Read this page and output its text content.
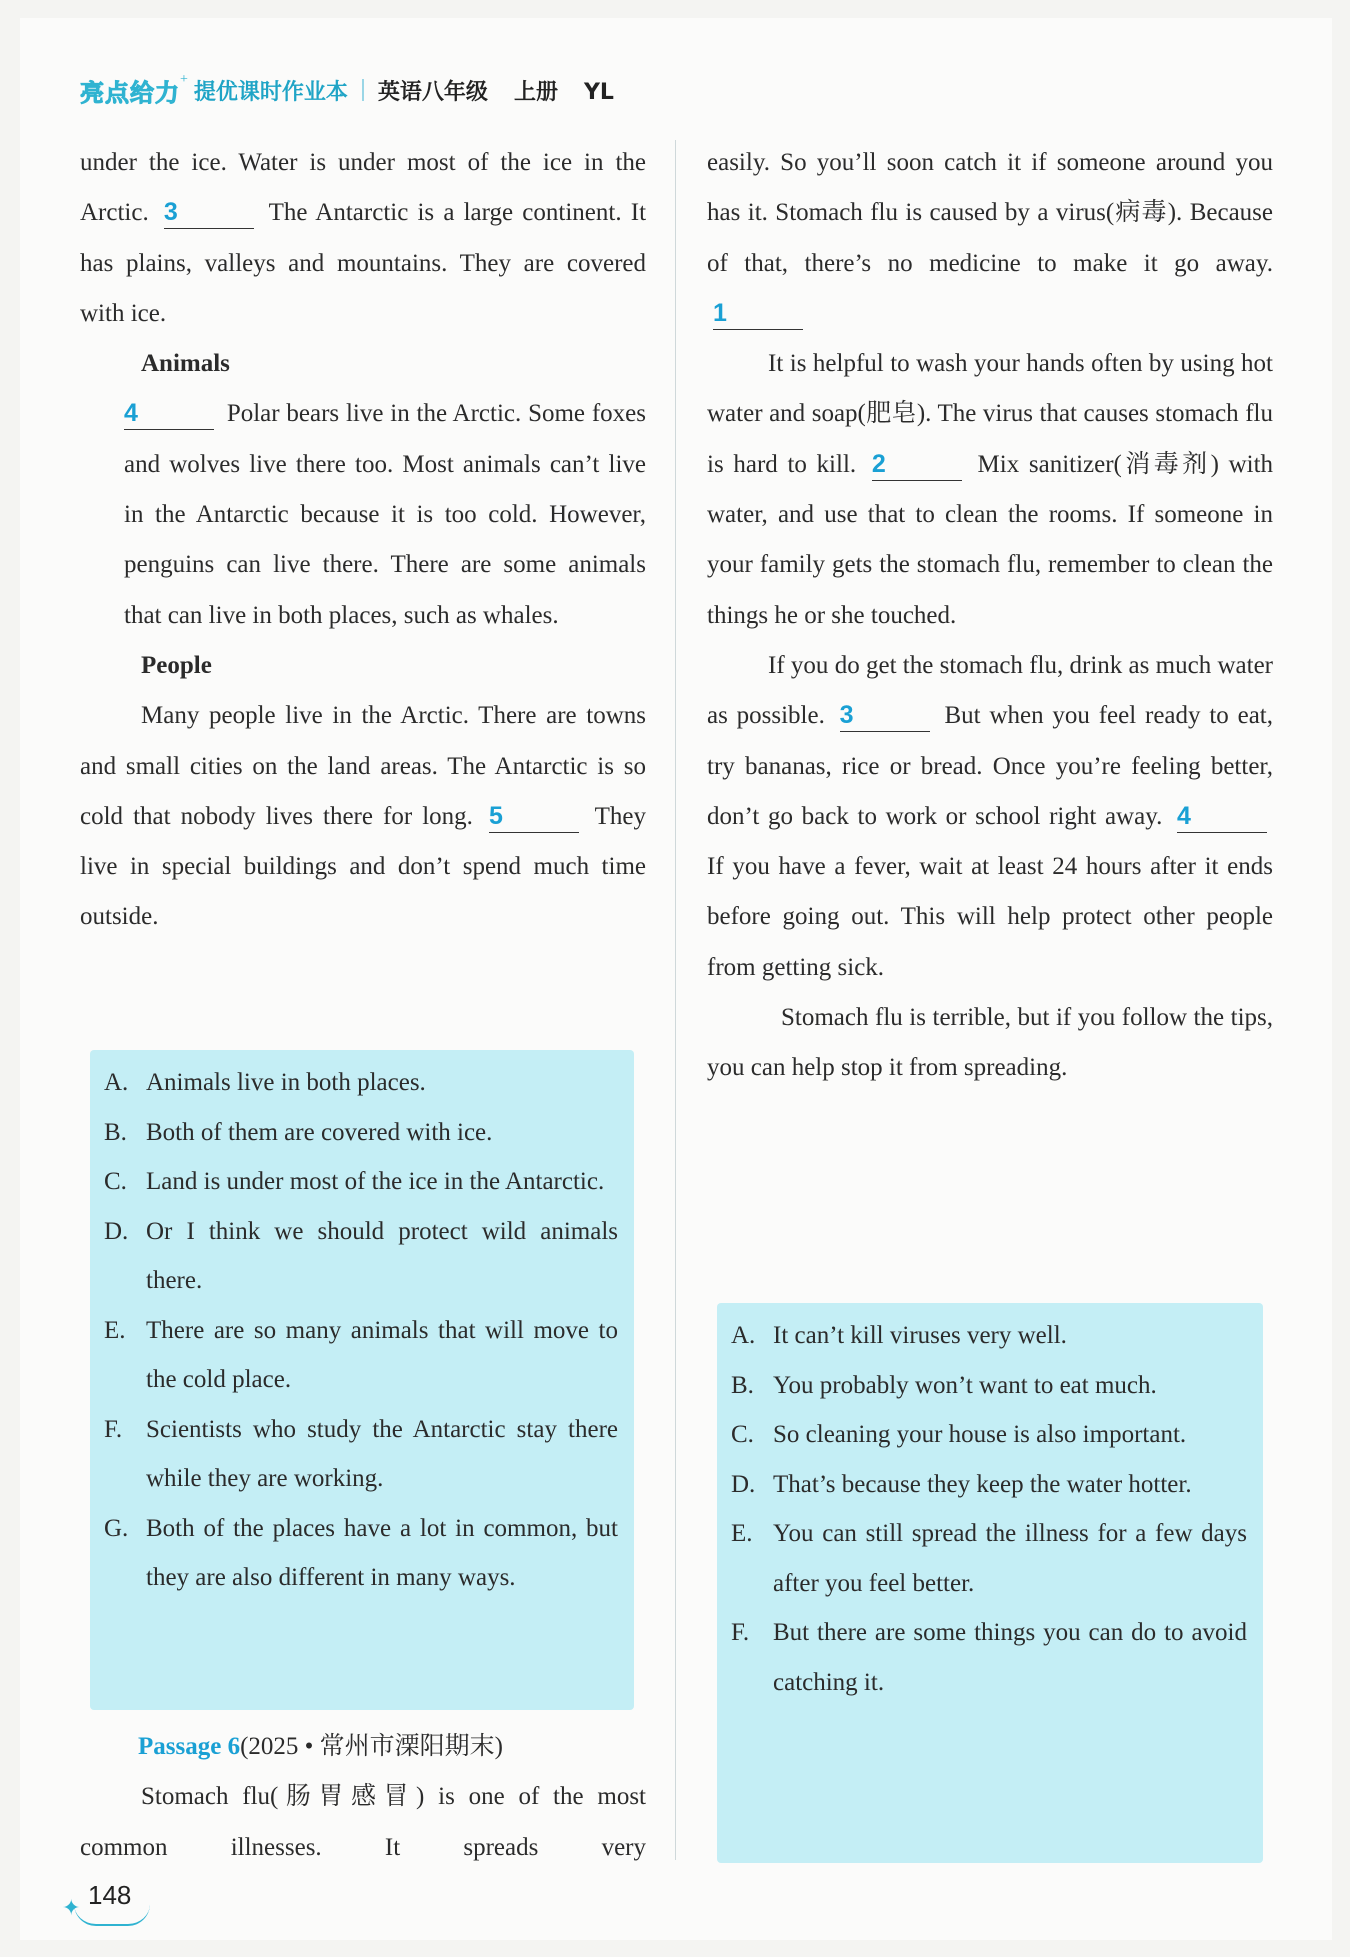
亮点给力 + 提优课时作业本 英语八年级 上册 YL

under the ice. Water is under most of the ice in the Arctic. 3	The Antarctic is a large continent. It has plains, valleys and mountains. They are covered with ice.

Animals

4	Polar bears live in the Arctic. Some foxes and wolves live there too. Most animals can’t live in the Antarctic because it is too cold. However, penguins can live there. There are some animals that can live in both places, such as whales.

People

Many people live in the Arctic. There are towns and small cities on the land areas. The Antarctic is so cold that nobody lives there for long. 5	They live in special buildings and don’t spend much time outside.

A. Animals live in both places.
B. Both of them are covered with ice.
C. Land is under most of the ice in the Antarctic.
D. Or I think we should protect wild animals there.
E. There are so many animals that will move to the cold place.
F. Scientists who study the Antarctic stay there while they are working.
G. Both of the places have a lot in common, but they are also different in many ways.

Passage 6(2025 • 常州市溧阳期末)

Stomach flu(肠胃感冒) is one of the most common illnesses. It spreads very

easily. So you’ll soon catch it if someone around you has it. Stomach flu is caused by a virus(病毒). Because of that, there’s no medicine to make it go away. 1

It is helpful to wash your hands often by using hot water and soap(肥皂). The virus that causes stomach flu is hard to kill. 2	Mix sanitizer(消毒剂) with water, and use that to clean the rooms. If someone in your family gets the stomach flu, remember to clean the things he or she touched.

If you do get the stomach flu, drink as much water as possible. 3	But when you feel ready to eat, try bananas, rice or bread. Once you’re feeling better, don’t go back to work or school right away. 4 If you have a fever, wait at least 24 hours after it ends before going out. This will help protect other people from getting sick.

Stomach flu is terrible, but if you follow the tips, you can help stop it from spreading.

A. It can’t kill viruses very well.
B. You probably won’t want to eat much.
C. So cleaning your house is also important.
D. That’s because they keep the water hotter.
E. You can still spread the illness for a few days after you feel better.
F. But there are some things you can do to avoid catching it.
✦ 148
